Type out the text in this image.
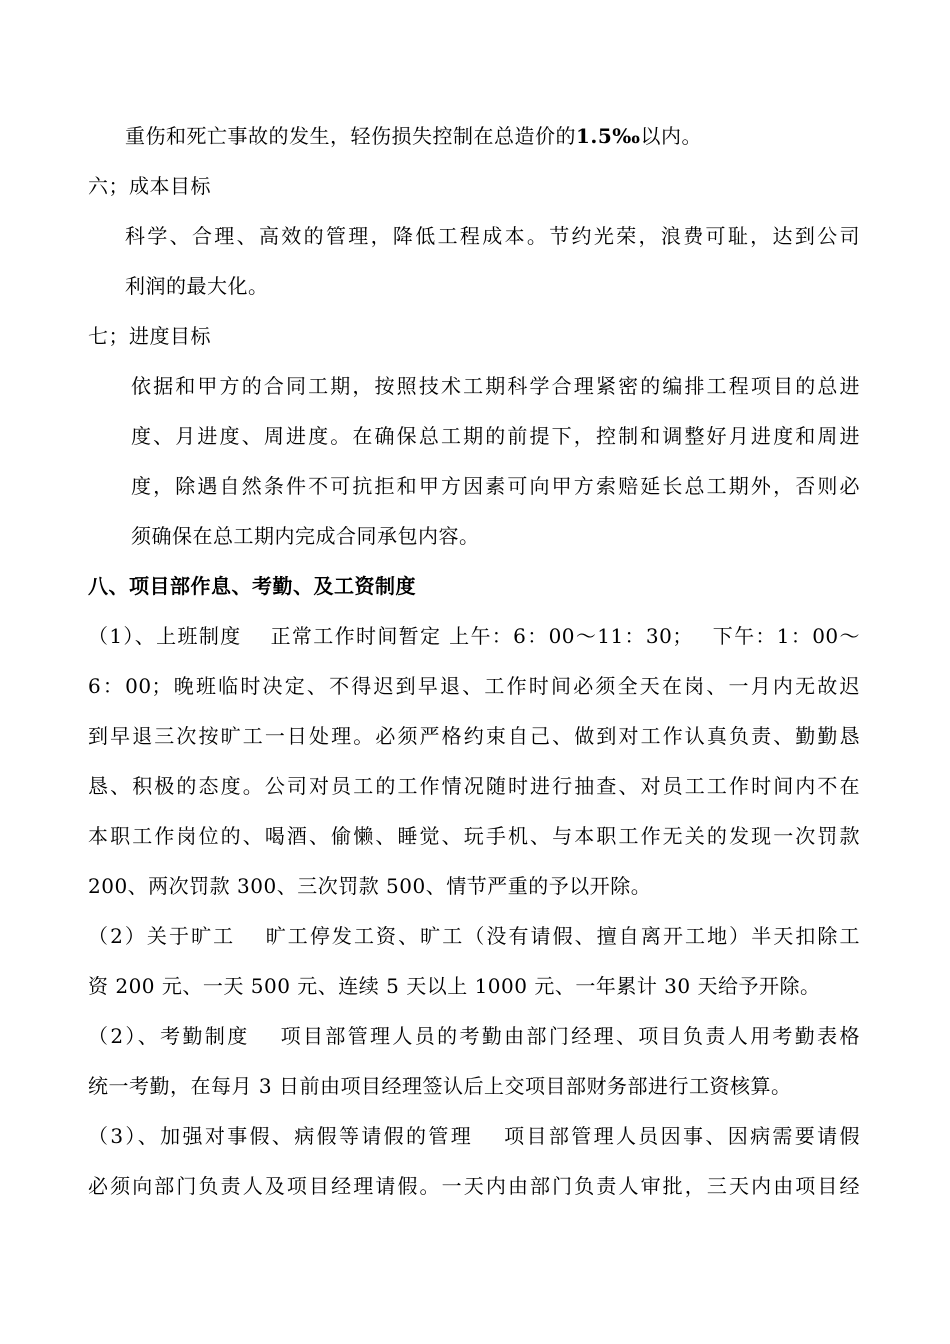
重伤和死亡事故的发生，轻伤损失控制在总造价的1.5‰以内。
六；成本目标
科学、合理、高效的管理，降低工程成本。节约光荣，浪费可耻，达到公司
利润的最大化。
七；进度目标
依据和甲方的合同工期，按照技术工期科学合理紧密的编排工程项目的总进
度、月进度、周进度。在确保总工期的前提下，控制和调整好月进度和周进
度，除遇自然条件不可抗拒和甲方因素可向甲方索赔延长总工期外，否则必
须确保在总工期内完成合同承包内容。
八、项目部作息、考勤、及工资制度
（1）、上班制度　 正常工作时间暂定 上午：6：00～11：30；　 下午：1：00～
6：00；晚班临时决定、不得迟到早退、工作时间必须全天在岗、一月内无故迟
到早退三次按旷工一日处理。必须严格约束自己、做到对工作认真负责、勤勤恳
恳、积极的态度。公司对员工的工作情况随时进行抽查、对员工工作时间内不在
本职工作岗位的、喝酒、偷懒、睡觉、玩手机、与本职工作无关的发现一次罚款
200、两次罚款 300、三次罚款 500、情节严重的予以开除。
（2）关于旷工　 旷工停发工资、旷工（没有请假、擅自离开工地）半天扣除工
资 200 元、一天 500 元、连续 5 天以上 1000 元、一年累计 30 天给予开除。
（2）、考勤制度　 项目部管理人员的考勤由部门经理、项目负责人用考勤表格
统一考勤，在每月 3 日前由项目经理签认后上交项目部财务部进行工资核算。
（3）、加强对事假、病假等请假的管理　 项目部管理人员因事、因病需要请假
必须向部门负责人及项目经理请假。一天内由部门负责人审批，三天内由项目经
